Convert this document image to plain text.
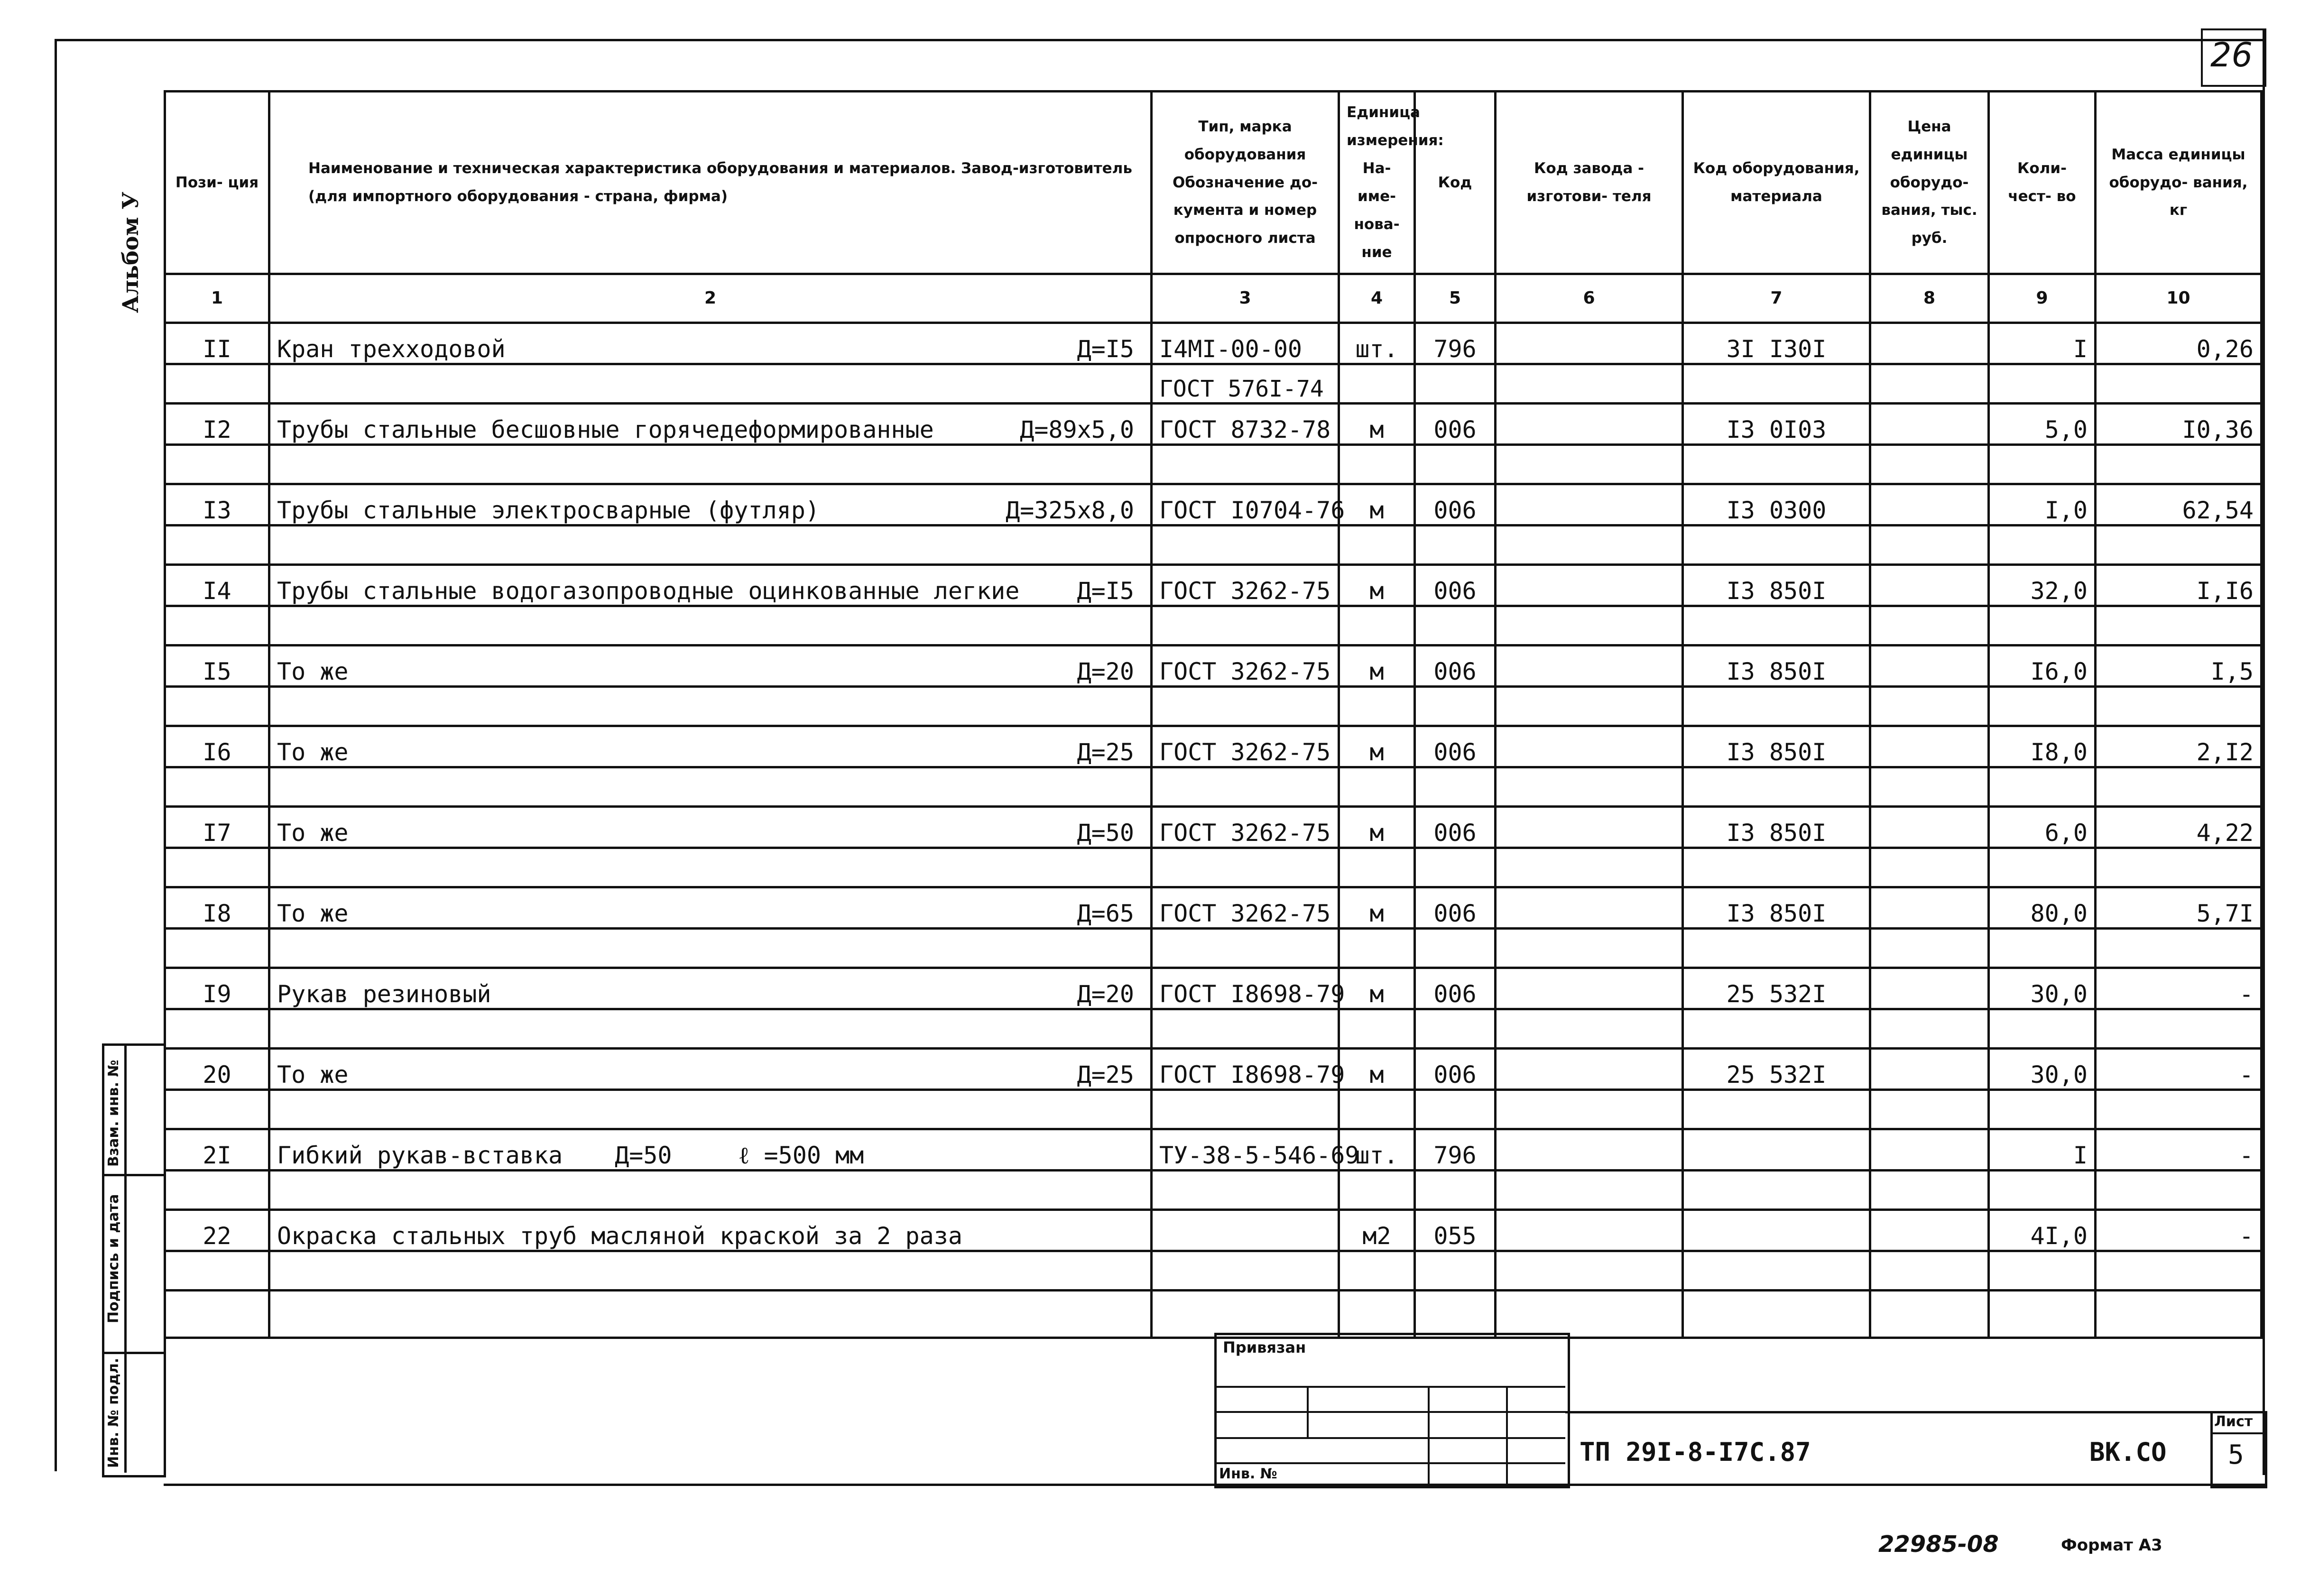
26
Альбом У
Инв. № подл.
Подпись и дата
Взам. инв. №
Пози- ция	Наименование и техническая характеристика оборудования и материалов. Завод-изготовитель (для импортного оборудования - страна, фирма)	Тип, марка оборудования Обозначение до- кумента и номер опросного листа	Единица измерения: На- име- нова- ние	Код	Код завода - изготови- теля	Код оборудования, материала	Цена единицы оборудо- вания, тыс. руб.	Коли- чест- во	Масса единицы оборудо- вания, кг
1	2	3	4	5	6	7	8	9	10
II	Кран трехходовой Д=I5	I4МI-00-00	шт.	796		3I I30I		I	0,26
		ГОСТ 576I-74							
I2	Трубы стальные бесшовные горячедеформированные Д=89х5,0	ГОСТ 8732-78	м	006		I3 0I03		5,0	I0,36

I3	Трубы стальные электросварные (футляр) Д=325х8,0	ГОСТ I0704-76	м	006		I3 0300		I,0	62,54

I4	Трубы стальные водогазопроводные оцинкованные легкие Д=I5	ГОСТ 3262-75	м	006		I3 850I		32,0	I,I6

I5	То же Д=20	ГОСТ 3262-75	м	006		I3 850I		I6,0	I,5

I6	То же Д=25	ГОСТ 3262-75	м	006		I3 850I		I8,0	2,I2

I7	То же Д=50	ГОСТ 3262-75	м	006		I3 850I		6,0	4,22

I8	То же Д=65	ГОСТ 3262-75	м	006		I3 850I		80,0	5,7I

I9	Рукав резиновый Д=20	ГОСТ I8698-79	м	006		25 532I		30,0	-

20	То же Д=25	ГОСТ I8698-79	м	006		25 532I		30,0	-

2I	Гибкий рукав-вставка Д=50 ℓ =500 мм	ТУ-38-5-546-69	шт.	796				I	-

22	Окраска стальных труб масляной краской за 2 раза		м2	055				4I,0	-

Привязан
Инв. №
ТП 29I-8-I7С.87	ВК.СО
Лист
5
22985-08	Формат А3
